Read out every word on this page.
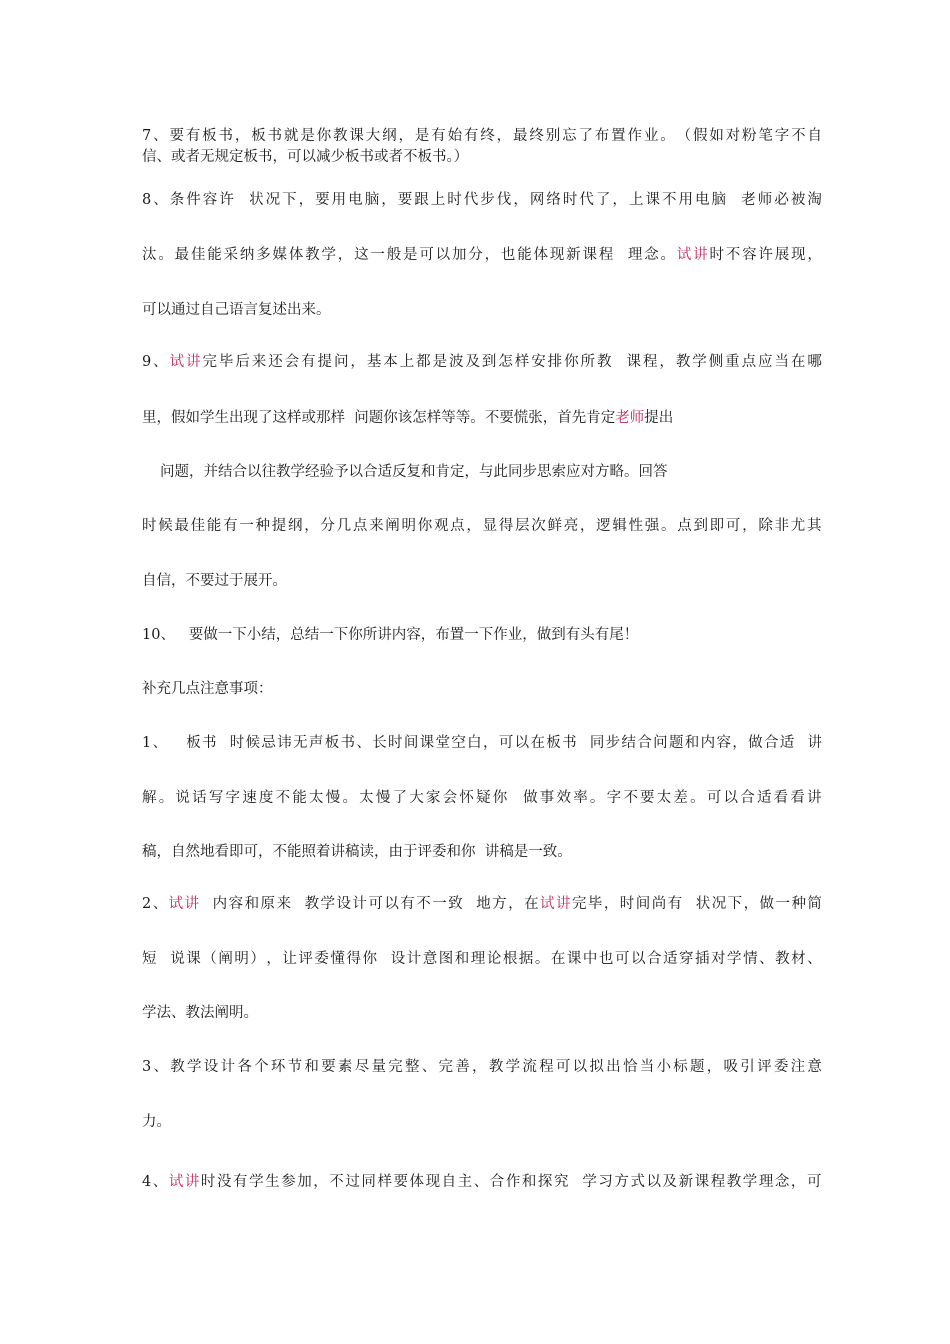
7 、 要 有 板 书 ， 板 书 就 是 你 教 课 大 纲 ， 是 有 始 有 终 ， 最 终 别 忘 了 布 置 作 业 。 （ 假 如 对 粉 笔 字 不 自
信、或者无规定板书，可以减少板书或者不板书。）
8 、 条 件 容 许

状 况 下 ， 要 用 电 脑 ， 要 跟 上 时 代 步 伐 ， 网 络 时 代 了 ， 上 课 不 用 电 脑

老 师 必 被 淘
汰 。 最 佳 能 采 纳 多 媒 体 教 学 ， 这 一 般 是 可 以 加 分 ， 也 能 体 现 新 课 程

理 念 。 试 讲 时 不 容 许 展 现 ，
可以通过自己语言复述出来。
9 、 试 讲 完 毕 后 来 还 会 有 提 问 ， 基 本 上 都 是 波 及 到 怎 样 安 排 你 所 教

课 程 ， 教 学 侧 重 点 应 当 在 哪
里，假如学生出现了这样或那样  问题你该怎样等等。不要慌张，首先肯定老师提出
问题，并结合以往教学经验予以合适反复和肯定，与此同步思索应对方略。回答
时 候 最 佳 能 有 一 种 提 纲 ， 分 几 点 来 阐 明 你 观 点 ， 显 得 层 次 鲜 亮 ， 逻 辑 性 强 。 点 到 即 可 ， 除 非 尤 其
自信，不要过于展开。
10、   要做一下小结，总结一下你所讲内容，布置一下作业，做到有头有尾！
补充几点注意事项：
1 、

板 书

时 候 忌 讳 无 声 板 书 、 长 时 间 课 堂 空 白 ， 可 以 在 板 书

同 步 结 合 问 题 和 内 容 ， 做 合 适

讲
解 。 说 话 写 字 速 度 不 能 太 慢 。 太 慢 了 大 家 会 怀 疑 你

做 事 效 率 。 字 不 要 太 差 。 可 以 合 适 看 看 讲
稿，自然地看即可，不能照着讲稿读，由于评委和你  讲稿是一致。
2 、 试 讲

内 容 和 原 来

教 学 设 计 可 以 有 不 一 致

地 方 ， 在 试 讲 完 毕 ， 时 间 尚 有

状 况 下 ， 做 一 种 简
短

说 课 （ 阐 明 ） ， 让 评 委 懂 得 你

设 计 意 图 和 理 论 根 据 。 在 课 中 也 可 以 合 适 穿 插 对 学 情 、 教 材 、
学法、教法阐明。
3 、 教 学 设 计 各 个 环 节 和 要 素 尽 量 完 整 、 完 善 ， 教 学 流 程 可 以 拟 出 恰 当 小 标 题 ， 吸 引 评 委 注 意
力。
4 、 试 讲 时 没 有 学 生 参 加 ， 不 过 同 样 要 体 现 自 主 、 合 作 和 探 究

学 习 方 式 以 及 新 课 程 教 学 理 念 ， 可
